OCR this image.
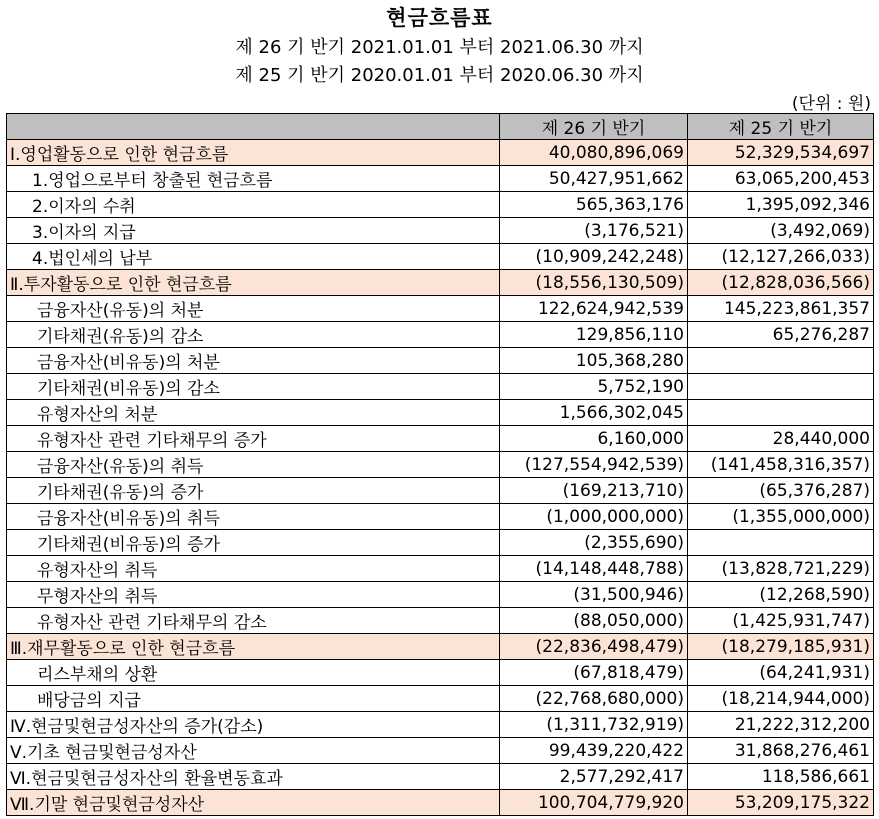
현금흐름표
제 26 기 반기 2021.01.01 부터 2021.06.30 까지
제 25 기 반기 2020.01.01 부터 2020.06.30 까지
(단위 : 원)
	제 26 기 반기	제 25 기 반기
Ⅰ.영업활동으로 인한 현금흐름	40,080,896,069	52,329,534,697
1.영업으로부터 창출된 현금흐름	50,427,951,662	63,065,200,453
2.이자의 수취	565,363,176	1,395,092,346
3.이자의 지급	(3,176,521)	(3,492,069)
4.법인세의 납부	(10,909,242,248)	(12,127,266,033)
Ⅱ.투자활동으로 인한 현금흐름	(18,556,130,509)	(12,828,036,566)
금융자산(유동)의 처분	122,624,942,539	145,223,861,357
기타채권(유동)의 감소	129,856,110	65,276,287
금융자산(비유동)의 처분	105,368,280	
기타채권(비유동)의 감소	5,752,190	
유형자산의 처분	1,566,302,045	
유형자산 관련 기타채무의 증가	6,160,000	28,440,000
금융자산(유동)의 취득	(127,554,942,539)	(141,458,316,357)
기타채권(유동)의 증가	(169,213,710)	(65,376,287)
금융자산(비유동)의 취득	(1,000,000,000)	(1,355,000,000)
기타채권(비유동)의 증가	(2,355,690)	
유형자산의 취득	(14,148,448,788)	(13,828,721,229)
무형자산의 취득	(31,500,946)	(12,268,590)
유형자산 관련 기타채무의 감소	(88,050,000)	(1,425,931,747)
Ⅲ.재무활동으로 인한 현금흐름	(22,836,498,479)	(18,279,185,931)
리스부채의 상환	(67,818,479)	(64,241,931)
배당금의 지급	(22,768,680,000)	(18,214,944,000)
Ⅳ.현금및현금성자산의 증가(감소)	(1,311,732,919)	21,222,312,200
Ⅴ.기초 현금및현금성자산	99,439,220,422	31,868,276,461
Ⅵ.현금및현금성자산의 환율변동효과	2,577,292,417	118,586,661
Ⅶ.기말 현금및현금성자산	100,704,779,920	53,209,175,322
